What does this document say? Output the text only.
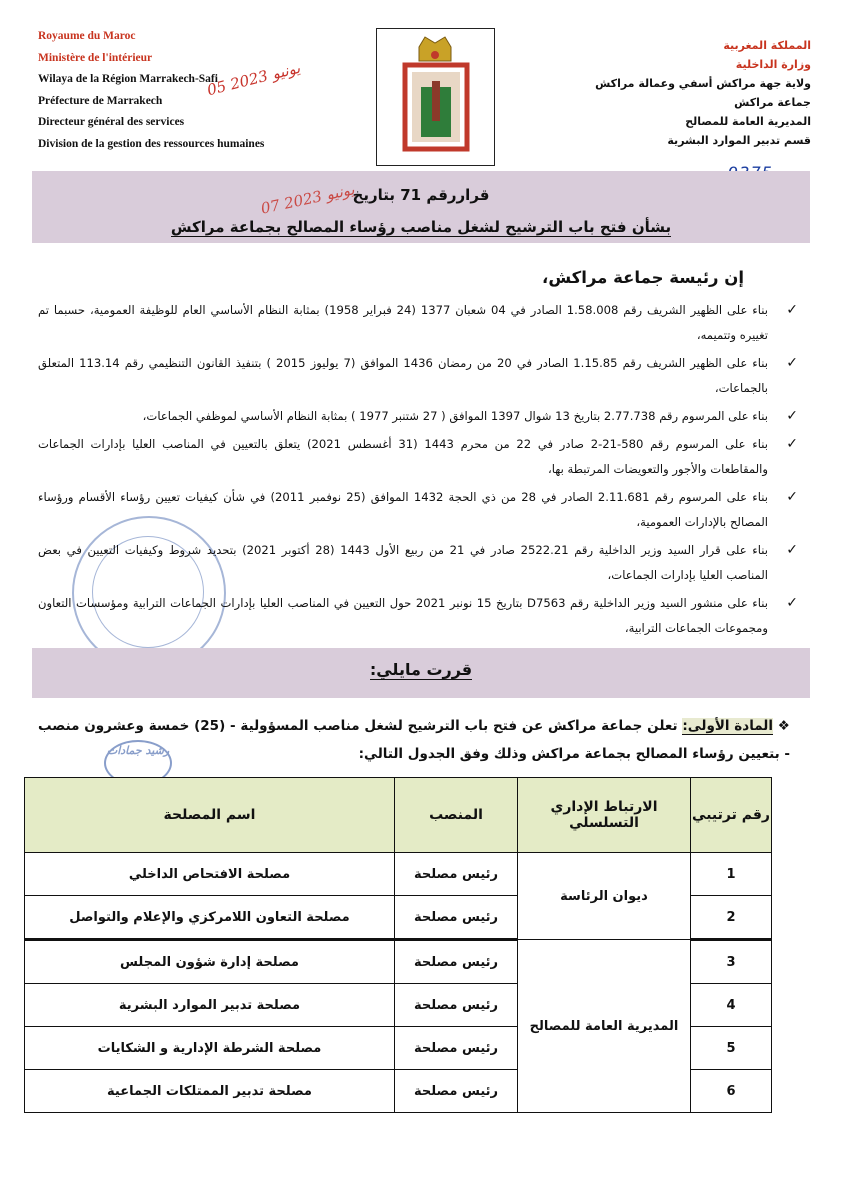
Royaume du Maroc
Ministère de l'intérieur
Wilaya de la Région Marrakech-Safi
Préfecture de Marrakech
Directeur général des services
Division de la gestion des ressources humaines
المملكة المغربية
وزارة الداخلية
ولاية جهة مراكش أسفي وعمالة مراكش
جماعة مراكش
المديرية العامة للمصالح
قسم تدبير الموارد البشرية
05 يونيو 2023
قراررقم 71 بتاريخ
07 يونيو 2023
بشأن فتح باب الترشيح لشغل مناصب رؤساء المصالح بجماعة مراكش
إن رئيسة جماعة مراكش،
✓
بناء على الظهير الشريف رقم 1.58.008 الصادر في 04 شعبان 1377 (24 فبراير 1958) بمثابة النظام الأساسي العام للوظيفة العمومية، حسبما تم تغييره وتتميمه،
✓
بناء على الظهير الشريف رقم 1.15.85 الصادر في 20 من رمضان 1436 الموافق (7 يوليوز 2015 ) بتنفيذ القانون التنظيمي رقم 113.14 المتعلق بالجماعات،
✓
بناء على المرسوم رقم 2.77.738 بتاريخ 13 شوال 1397 الموافق ( 27 شتنبر 1977 ) بمثابة النظام الأساسي لموظفي الجماعات،
✓
بناء على المرسوم رقم 580-21-2 صادر في 22 من محرم 1443 (31 أغسطس 2021) يتعلق بالتعيين في المناصب العليا بإدارات الجماعات والمقاطعات والأجور والتعويضات المرتبطة بها،
✓
بناء على المرسوم رقم 2.11.681 الصادر في 28 من ذي الحجة 1432 الموافق (25 نوفمبر 2011) في شأن كيفيات تعيين رؤساء الأقسام ورؤساء المصالح بالإدارات العمومية،
✓
بناء على قرار السيد وزير الداخلية رقم 2522.21 صادر في 21 من ربيع الأول 1443 (28 أكتوبر 2021) بتحديد شروط وكيفيات التعيين في بعض المناصب العليا بإدارات الجماعات،
✓
بناء على منشور السيد وزير الداخلية رقم D7563 بتاريخ 15 نونبر 2021 حول التعيين في المناصب العليا بإدارات الجماعات الترابية ومؤسسات التعاون ومجموعات الجماعات الترابية،
قررت مايلي:
❖ المادة الأولى: تعلن جماعة مراكش عن فتح باب الترشيح لشغل مناصب المسؤولية - (25) خمسة وعشرون منصب - بتعيين رؤساء المصالح بجماعة مراكش وذلك وفق الجدول التالي:
رشيد جمادات
رقم ترتيبي	الارتباط الإداري التسلسلي	المنصب	اسم المصلحة
1	ديوان الرئاسة	رئيس مصلحة	مصلحة الافتحاص الداخلي
2		رئيس مصلحة	مصلحة التعاون اللامركزي والإعلام والتواصل
3	المديرية العامة للمصالح	رئيس مصلحة	مصلحة إدارة شؤون المجلس
4		رئيس مصلحة	مصلحة تدبير الموارد البشرية
5		رئيس مصلحة	مصلحة الشرطة الإدارية و الشكايات
6		رئيس مصلحة	مصلحة تدبير الممتلكات الجماعية
